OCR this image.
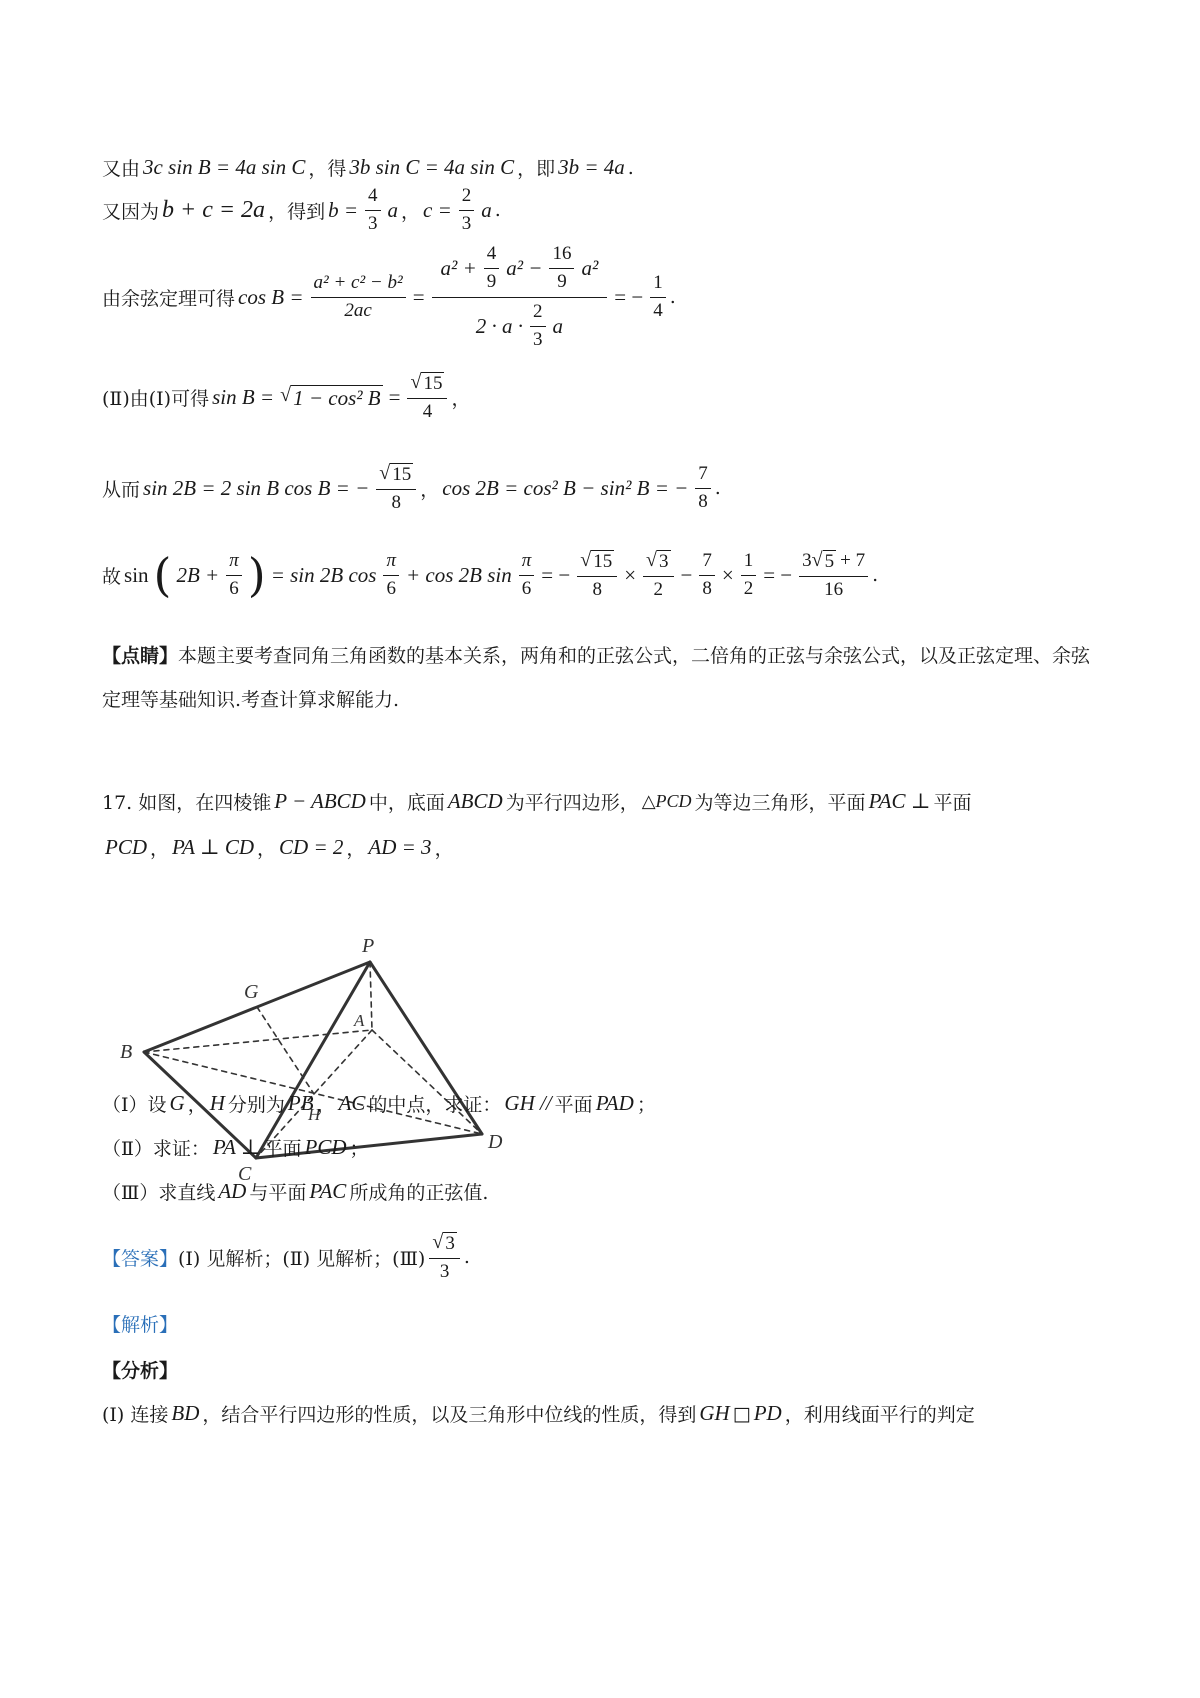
又由 3c sin B = 4a sin C ，得 3b sin C = 4a sin C ，即 3b = 4a .
又因为 b + c = 2a ，得到 $b = \frac{4}{3}$ a ， $c = \frac{2}{3}$ a .
由余弦定理可得 $\cos B = \frac{\text{a² + c² − b²}}{2ac} = \frac{a^2 + \frac{4}{9} a^2 - \frac{16}{9} a^2}{2 \cdot a \cdot \frac{2}{3} a}$ = − $\frac{1}{4}$ .
(Ⅱ)由(Ⅰ)可得 sin B = √ 1 − cos² $B = \frac{√ 15}{4}$ ，
从而 sin 2B = 2 sin B cos B = − $\frac{√ 15}{8}$ ， cos 2B = cos² B − sin² B = − $\frac{7}{8}$ .
故 sin ( $2B + \frac{\pi}{6}$ ) = sin 2B $\cos \frac{\pi}{6} + \cos 2B$ $\sin \frac{\pi}{6}$ = − $\frac{√ 15}{8} \times \frac{√ 3}{2} - \frac{7}{8} \times \frac{1}{2}$ = − $\frac{3 √ 5 + 7}{16}$ .
【点睛】本题主要考查同角三角函数的基本关系，两角和的正弦公式，二倍角的正弦与余弦公式，以及正弦定理、余弦定理等基础知识.考查计算求解能力.
17. 如图，在四棱锥 P − ABCD 中，底面 ABCD 为平行四边形， △PCD 为等边三角形，平面 PAC ⊥ 平面
PCD ， PA ⊥ CD ， CD = 2 ， AD = 3 ，
P
G
A
B
H
C
D
（Ⅰ）设 G ， H 分别为 PB ， AC 的中点，求证： GH // 平面 PAD ；
（Ⅱ）求证： PA ⊥ 平面 PCD ；
（Ⅲ）求直线 AD 与平面 PAC 所成角的正弦值.
【答案】 (Ⅰ) 见解析；(Ⅱ) 见解析；(Ⅲ) $\frac{√ 3}{3}$ .
【解析】
【分析】
(Ⅰ) 连接 BD ，结合平行四边形的性质，以及三角形中位线的性质，得到 GH □ PD ，利用线面平行的判定
